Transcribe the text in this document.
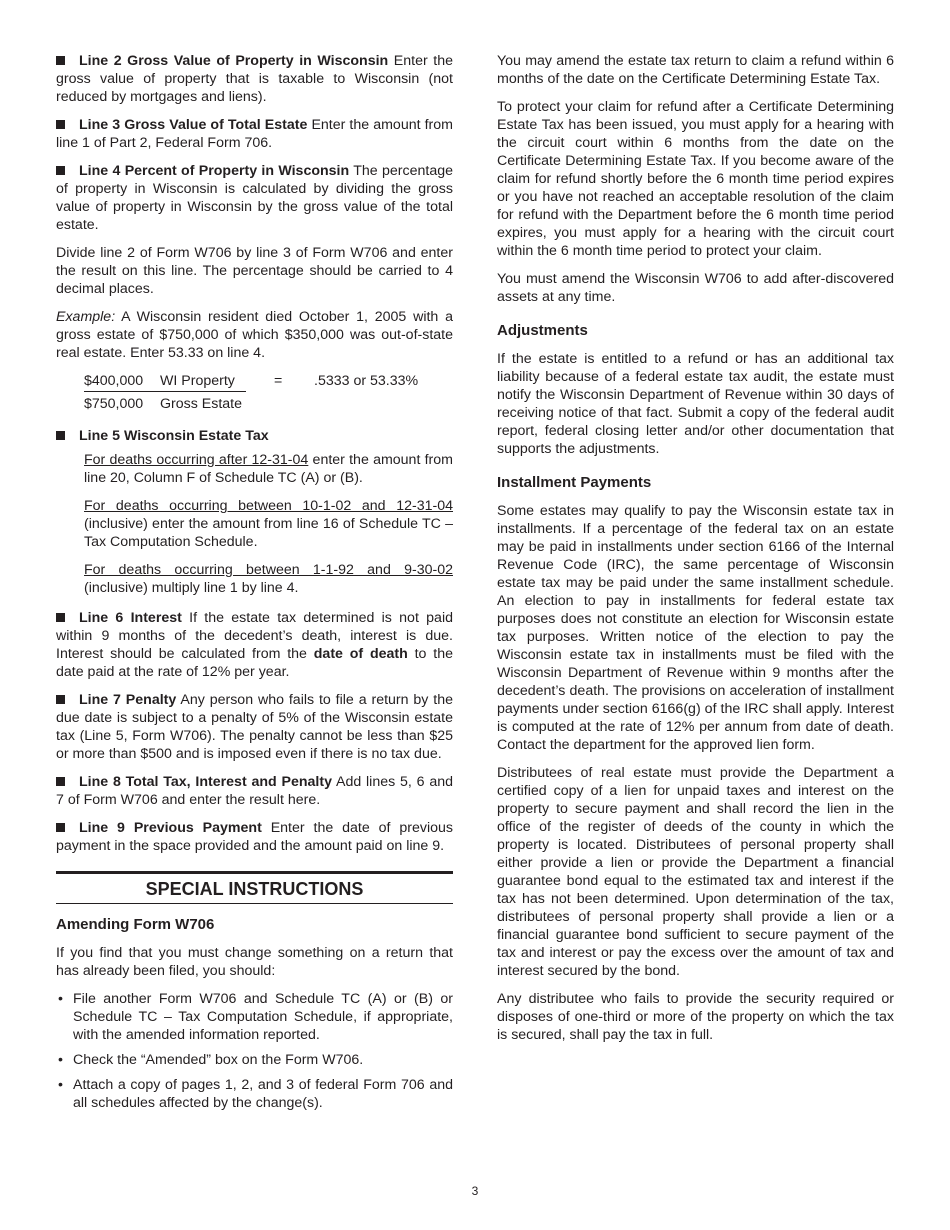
Line 2 Gross Value of Property in Wisconsin Enter the gross value of property that is taxable to Wisconsin (not reduced by mortgages and liens).

Line 3 Gross Value of Total Estate Enter the amount from line 1 of Part 2, Federal Form 706.

Line 4 Percent of Property in Wisconsin The percentage of property in Wisconsin is calculated by dividing the gross value of property in Wisconsin by the gross value of the total estate.

Divide line 2 of Form W706 by line 3 of Form W706 and enter the result on this line. The percentage should be carried to 4 decimal places.

Example: A Wisconsin resident died October 1, 2005 with a gross estate of $750,000 of which $350,000 was out-of-state real estate. Enter 53.33 on line 4.

$400,000 WI Property	=	.5333 or 53.33%
$750,000	Gross Estate

Line 5 Wisconsin Estate Tax

For deaths occurring after 12-31-04 enter the amount from line 20, Column F of Schedule TC (A) or (B).

For deaths occurring between 10-1-02 and 12-31-04 (inclusive) enter the amount from line 16 of Schedule TC – Tax Computation Schedule.

For deaths occurring between 1-1-92 and 9-30-02 (inclusive) multiply line 1 by line 4.

Line 6 Interest If the estate tax determined is not paid within 9 months of the decedent’s death, interest is due. Interest should be calculated from the date of death to the date paid at the rate of 12% per year.

Line 7 Penalty Any person who fails to file a return by the due date is subject to a penalty of 5% of the Wisconsin estate tax (Line 5, Form W706). The penalty cannot be less than $25 or more than $500 and is imposed even if there is no tax due.

Line 8 Total Tax, Interest and Penalty Add lines 5, 6 and 7 of Form W706 and enter the result here.

Line 9 Previous Payment Enter the date of previous payment in the space provided and the amount paid on line 9.

SPECIAL INSTRUCTIONS
Amending Form W706

If you find that you must change something on a return that has already been filed, you should:

• File another Form W706 and Schedule TC (A) or (B) or Schedule TC – Tax Computation Schedule, if appropriate, with the amended information reported.
• Check the “Amended” box on the Form W706.
• Attach a copy of pages 1, 2, and 3 of federal Form 706 and all schedules affected by the change(s).

You may amend the estate tax return to claim a refund within 6 months of the date on the Certificate Determining Estate Tax.

To protect your claim for refund after a Certificate Determining Estate Tax has been issued, you must apply for a hearing with the circuit court within 6 months from the date on the Certificate Determining Estate Tax. If you become aware of the claim for refund shortly before the 6 month time period expires or you have not reached an acceptable resolution of the claim for refund with the Department before the 6 month time period expires, you must apply for a hearing with the circuit court within the 6 month time period to protect your claim.

You must amend the Wisconsin W706 to add after-discovered assets at any time.

Adjustments

If the estate is entitled to a refund or has an additional tax liability because of a federal estate tax audit, the estate must notify the Wisconsin Department of Revenue within 30 days of receiving notice of that fact. Submit a copy of the federal audit report, federal closing letter and/or other documentation that supports the adjustments.

Installment Payments

Some estates may qualify to pay the Wisconsin estate tax in installments. If a percentage of the federal tax on an estate may be paid in installments under section 6166 of the Internal Revenue Code (IRC), the same percentage of Wisconsin estate tax may be paid under the same installment schedule. An election to pay in installments for federal estate tax purposes does not constitute an election for Wisconsin estate tax purposes. Written notice of the election to pay the Wisconsin estate tax in installments must be filed with the Wisconsin Department of Revenue within 9 months after the decedent’s death. The provisions on acceleration of installment payments under section 6166(g) of the IRC shall apply. Interest is computed at the rate of 12% per annum from date of death. Contact the department for the approved lien form.

Distributees of real estate must provide the Department a certified copy of a lien for unpaid taxes and interest on the property to secure payment and shall record the lien in the office of the register of deeds of the county in which the property is located. Distributees of personal property shall either provide a lien or provide the Department a financial guarantee bond equal to the estimated tax and interest if the tax has not been determined. Upon determination of the tax, distributees of personal property shall provide a lien or a financial guarantee bond sufficient to secure payment of the tax and interest or pay the excess over the amount of tax and interest secured by the bond.

Any distributee who fails to provide the security required or disposes of one-third or more of the property on which the tax is secured, shall pay the tax in full.

3
